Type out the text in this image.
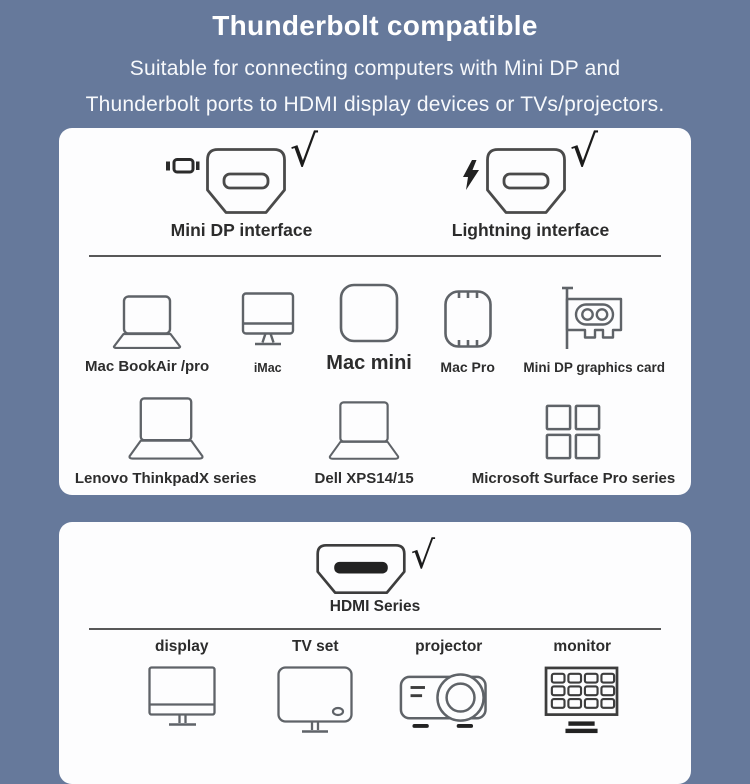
Thunderbolt compatible
Suitable for connecting computers with Mini DP and
Thunderbolt ports to HDMI display devices or TVs/projectors.
√
Mini DP interface
√
Lightning interface
Mac BookAir /pro	iMac Mac mini Mac Pro Mini DP graphics card
Lenovo ThinkpadX series	Dell XPS14/15	Microsoft Surface Pro series
√
HDMI Series
display	TV set	projector	monitor
